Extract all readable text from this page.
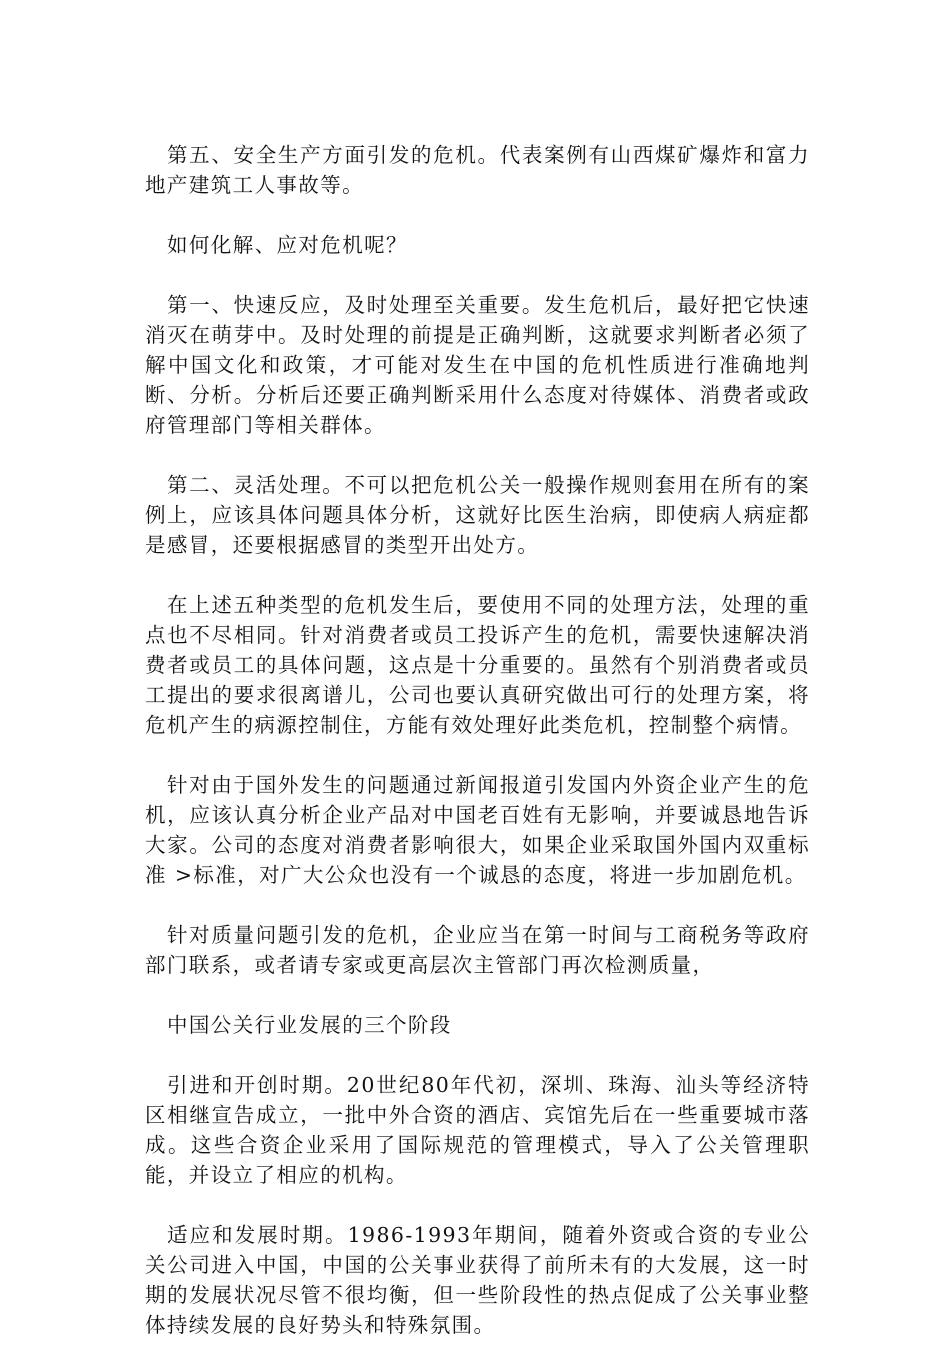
第五、安全生产方面引发的危机。代表案例有山西煤矿爆炸和富力地产建筑工人事故等。

如何化解、应对危机呢？

第一、快速反应，及时处理至关重要。发生危机后，最好把它快速消灭在萌芽中。及时处理的前提是正确判断，这就要求判断者必须了解中国文化和政策，才可能对发生在中国的危机性质进行准确地判断、分析。分析后还要正确判断采用什么态度对待媒体、消费者或政府管理部门等相关群体。

第二、灵活处理。不可以把危机公关一般操作规则套用在所有的案例上，应该具体问题具体分析，这就好比医生治病，即使病人病症都是感冒，还要根据感冒的类型开出处方。

在上述五种类型的危机发生后，要使用不同的处理方法，处理的重点也不尽相同。针对消费者或员工投诉产生的危机，需要快速解决消费者或员工的具体问题，这点是十分重要的。虽然有个别消费者或员工提出的要求很离谱儿，公司也要认真研究做出可行的处理方案，将危机产生的病源控制住，方能有效处理好此类危机，控制整个病情。

针对由于国外发生的问题通过新闻报道引发国内外资企业产生的危机，应该认真分析企业产品对中国老百姓有无影响，并要诚恳地告诉大家。公司的态度对消费者影响很大，如果企业采取国外国内双重标准 >标准，对广大公众也没有一个诚恳的态度，将进一步加剧危机。

针对质量问题引发的危机，企业应当在第一时间与工商税务等政府部门联系，或者请专家或更高层次主管部门再次检测质量，

中国公关行业发展的三个阶段

引进和开创时期。20世纪80年代初，深圳、珠海、汕头等经济特区相继宣告成立，一批中外合资的酒店、宾馆先后在一些重要城市落成。这些合资企业采用了国际规范的管理模式，导入了公关管理职能，并设立了相应的机构。

适应和发展时期。1986-1993年期间，随着外资或合资的专业公关公司进入中国，中国的公关事业获得了前所未有的大发展，这一时期的发展状况尽管不很均衡，但一些阶段性的热点促成了公关事业整体持续发展的良好势头和特殊氛围。
